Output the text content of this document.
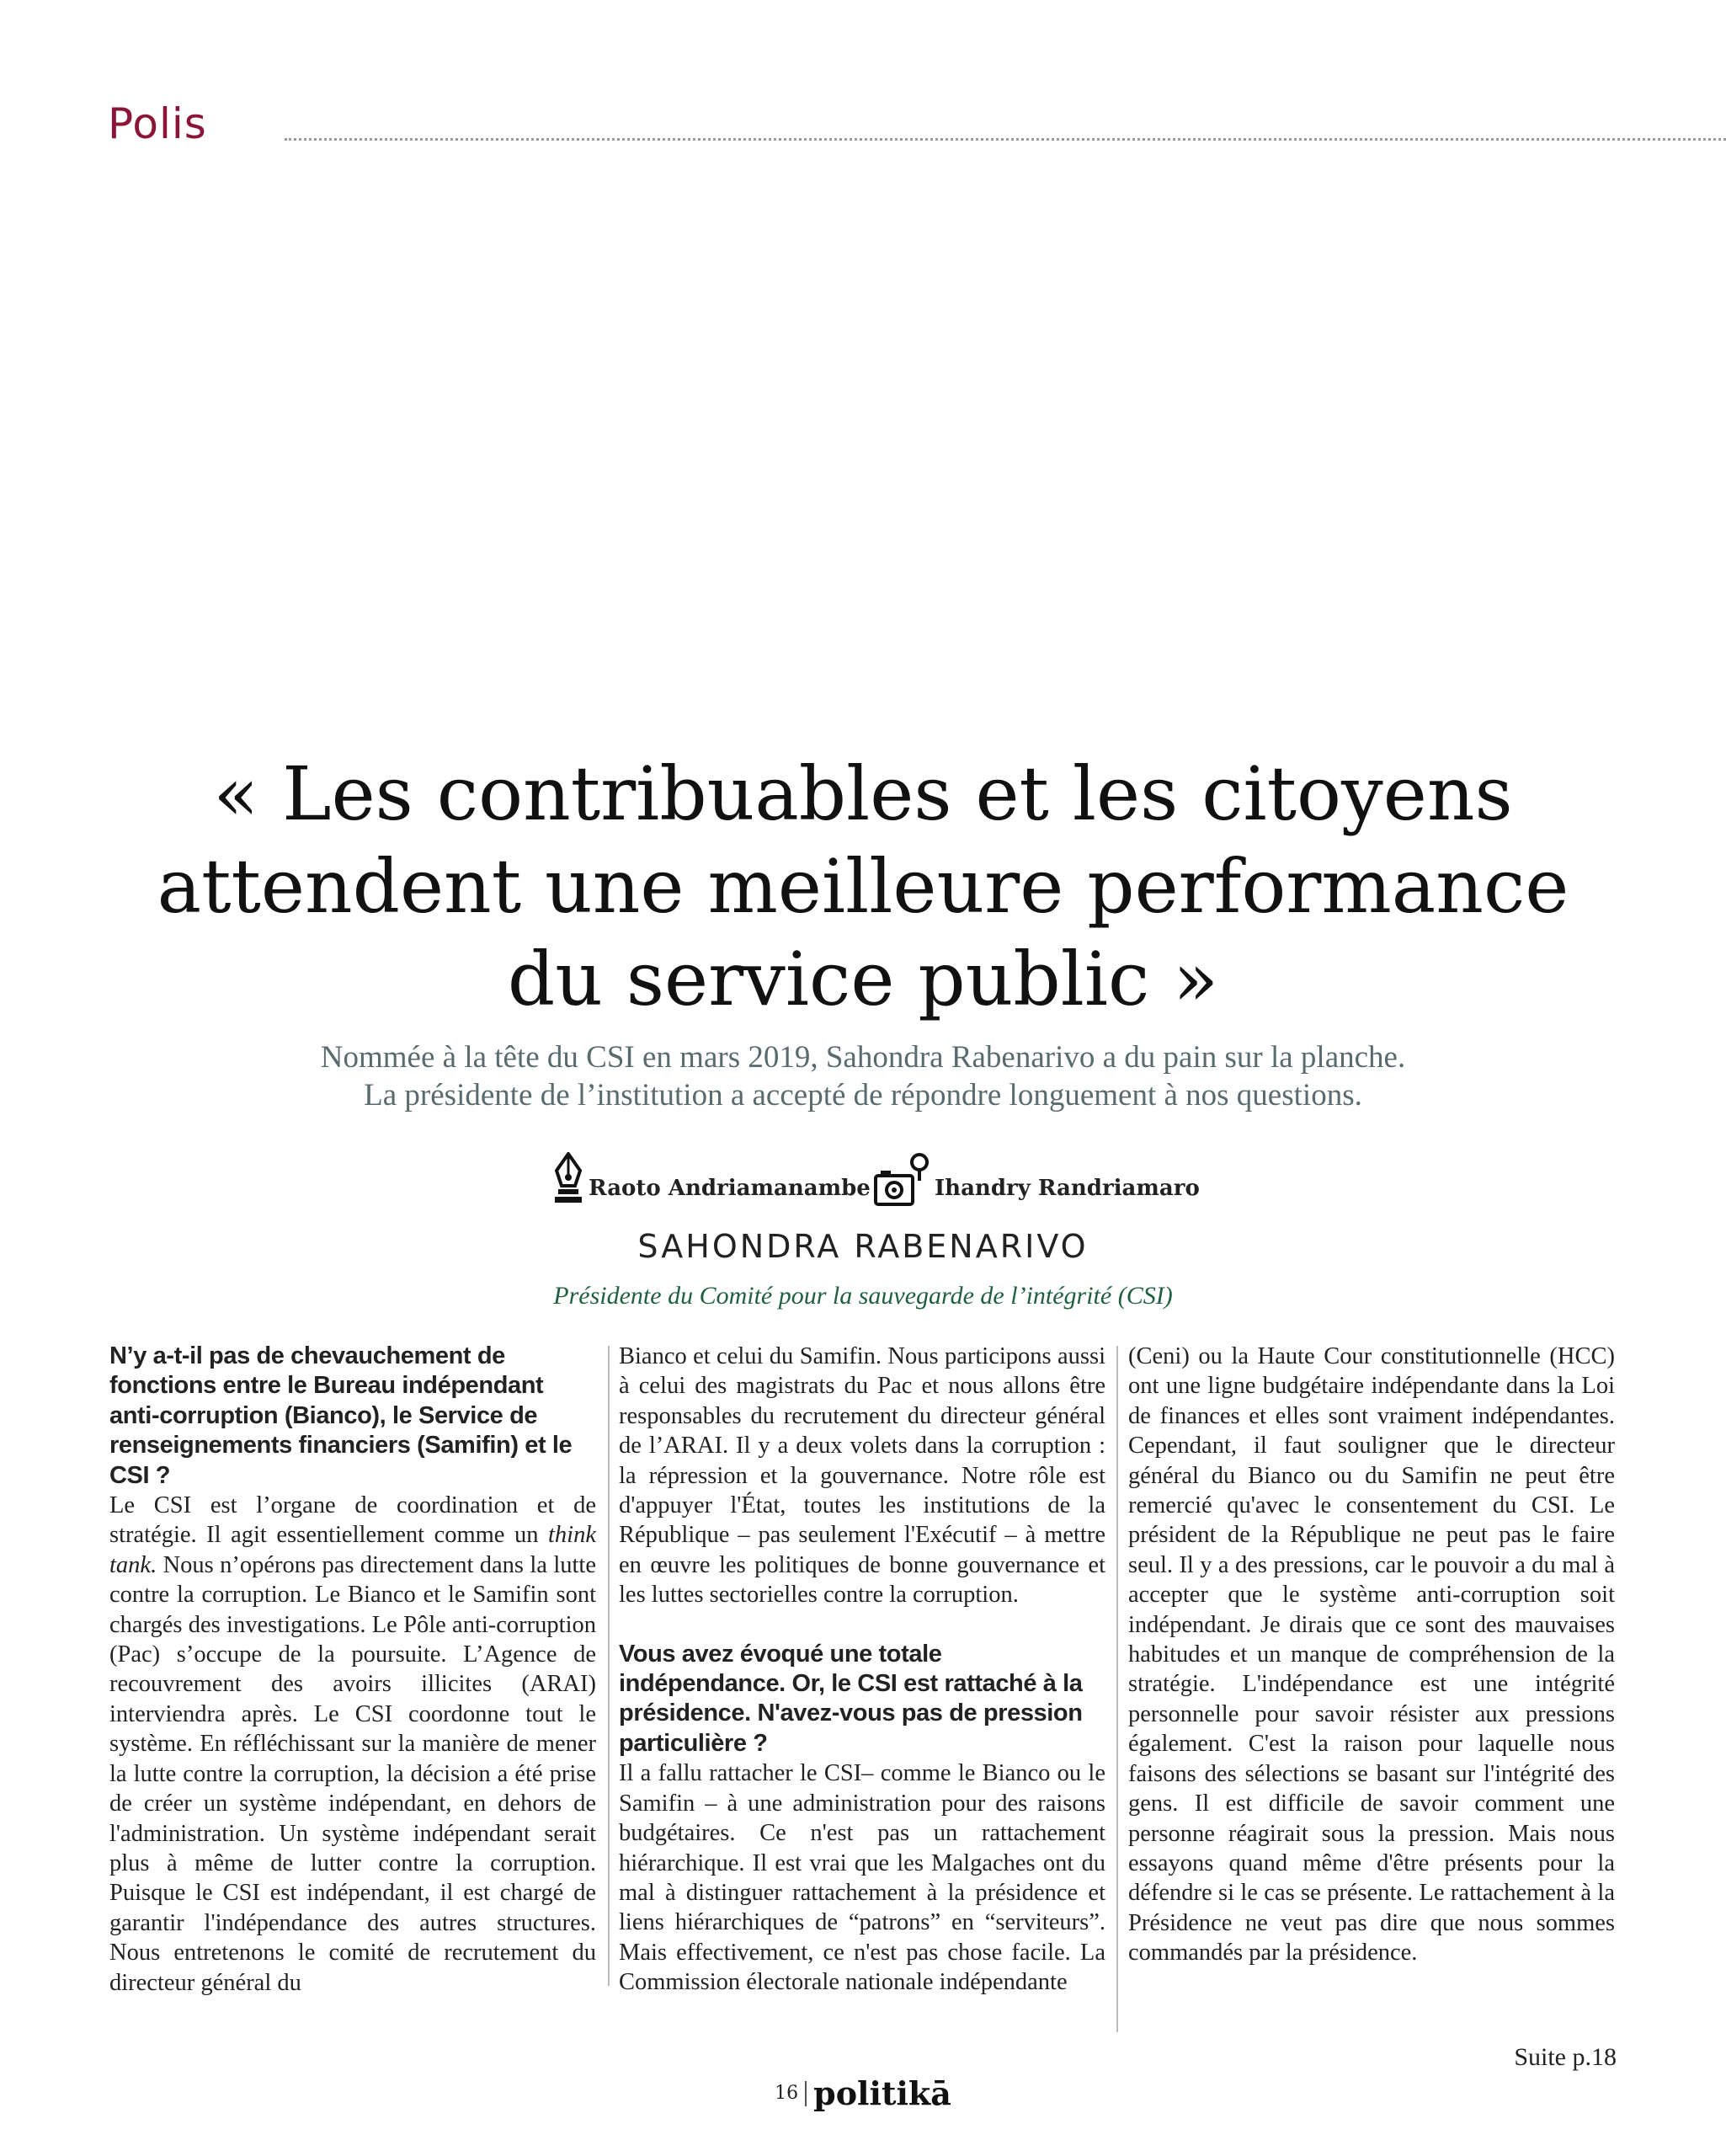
Polis
« Les contribuables et les citoyens
attendent une meilleure performance
du service public »

Nommée à la tête du CSI en mars 2019, Sahondra Rabenarivo a du pain sur la planche.
La présidente de l’institution a accepté de répondre longuement à nos questions.

Raoto Andriamanambe	Ihandry Randriamaro
SAHONDRA RABENARIVO
Présidente du Comité pour la sauvegarde de l’intégrité (CSI)

N’y a-t-il pas de chevauchement de fonctions entre le Bureau indépendant anti-corruption (Bianco), le Service de renseignements financiers (Samifin) et le CSI ?

Le CSI est l’organe de coordination et de stratégie. Il agit essentiellement comme un think tank. Nous n’opérons pas directement dans la lutte contre la corruption. Le Bianco et le Samifin sont chargés des investigations. Le Pôle anti-corruption (Pac) s’occupe de la poursuite. L’Agence de recouvrement des avoirs illicites (ARAI) interviendra après. Le CSI coordonne tout le système. En réfléchissant sur la manière de mener la lutte contre la corruption, la décision a été prise de créer un système indépendant, en dehors de l'administration. Un système indépendant serait plus à même de lutter contre la corruption. Puisque le CSI est indépendant, il est chargé de garantir l'indépendance des autres structures. Nous entretenons le comité de recrutement du directeur général du

Bianco et celui du Samifin. Nous participons aussi à celui des magistrats du Pac et nous allons être responsables du recrutement du directeur général de l’ARAI. Il y a deux volets dans la corruption : la répression et la gouvernance. Notre rôle est d'appuyer l'État, toutes les institutions de la République – pas seulement l'Exécutif – à mettre en œuvre les politiques de bonne gouvernance et les luttes sectorielles contre la corruption.

Vous avez évoqué une totale indépendance. Or, le CSI est rattaché à la présidence. N'avez-vous pas de pression particulière ?

Il a fallu rattacher le CSI– comme le Bianco ou le Samifin – à une administration pour des raisons budgétaires. Ce n'est pas un rattachement hiérarchique. Il est vrai que les Malgaches ont du mal à distinguer rattachement à la présidence et liens hiérarchiques de “patrons” en “serviteurs”. Mais effectivement, ce n'est pas chose facile. La Commission électorale nationale indépendante

(Ceni) ou la Haute Cour constitutionnelle (HCC) ont une ligne budgétaire indépendante dans la Loi de finances et elles sont vraiment indépendantes. Cependant, il faut souligner que le directeur général du Bianco ou du Samifin ne peut être remercié qu'avec le consentement du CSI. Le président de la République ne peut pas le faire seul. Il y a des pressions, car le pouvoir a du mal à accepter que le système anti-corruption soit indépendant. Je dirais que ce sont des mauvaises habitudes et un manque de compréhension de la stratégie. L'indépendance est une intégrité personnelle pour savoir résister aux pressions également. C'est la raison pour laquelle nous faisons des sélections se basant sur l'intégrité des gens. Il est difficile de savoir comment une personne réagirait sous la pression. Mais nous essayons quand même d'être présents pour la défendre si le cas se présente. Le rattachement à la Présidence ne veut pas dire que nous sommes commandés par la présidence.

Suite p.18
16 politikā
